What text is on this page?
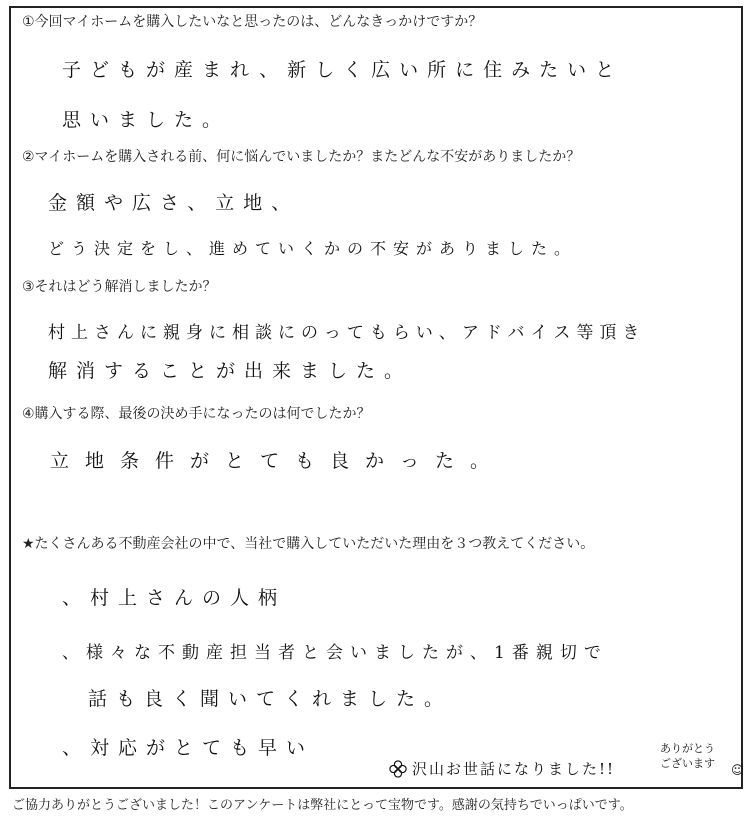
①今回マイホームを購入したいなと思ったのは、どんなきっかけですか？
子どもが産まれ、新しく広い所に住みたいと
思いました。
②マイホームを購入される前、何に悩んでいましたか？またどんな不安がありましたか？
金額や広さ、立地、
どう決定をし、進めていくかの不安がありました。
③それはどう解消しましたか？
村上さんに親身に相談にのってもらい、アドバイス等頂き
解消することが出来ました。
④購入する際、最後の決め手になったのは何でしたか？
立地条件がとても良かった。
★たくさんある不動産会社の中で、当社で購入していただいた理由を３つ教えてください。
、村上さんの人柄
、様々な不動産担当者と会いましたが、1番親切で
話も良く聞いてくれました。
、対応がとても早い
沢山お世話になりました!!
ありがとう
ございます ☺
ご協力ありがとうございました！このアンケートは弊社にとって宝物です。感謝の気持ちでいっぱいです。
